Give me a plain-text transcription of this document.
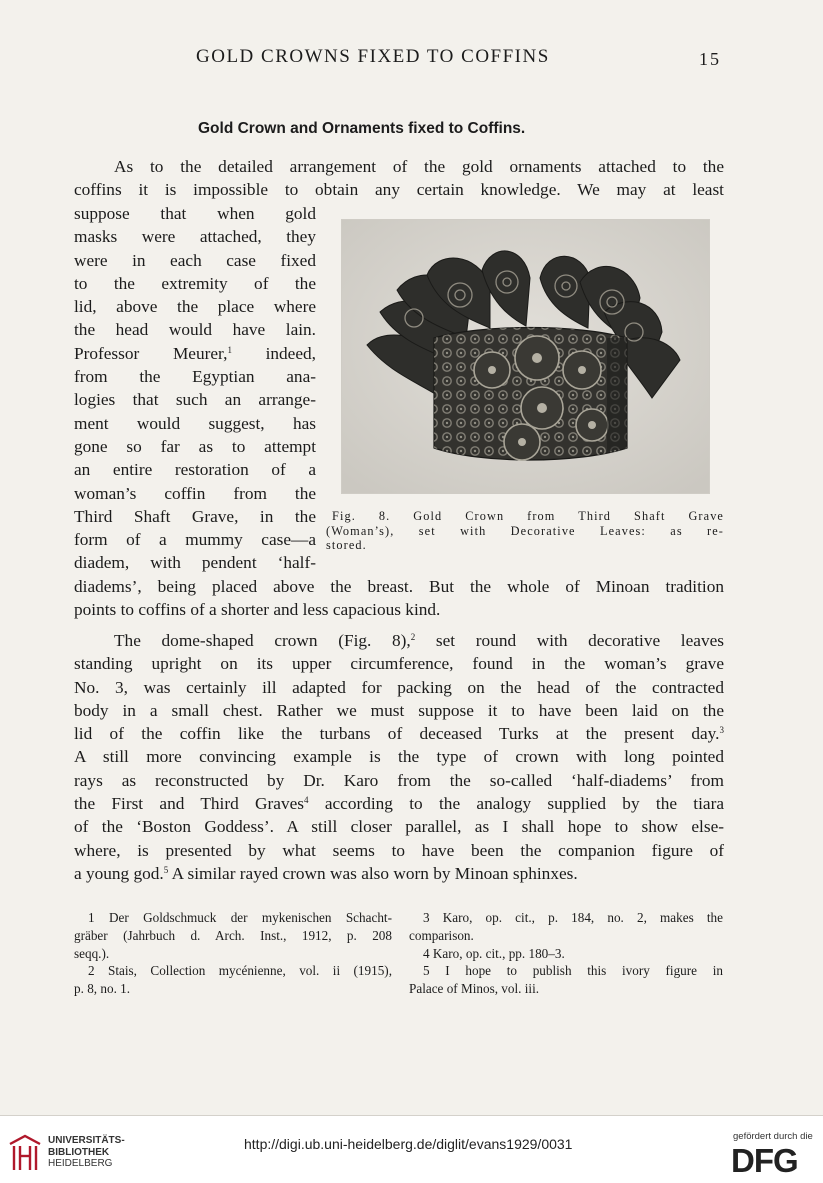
GOLD CROWNS FIXED TO COFFINS	15
Gold Crown and Ornaments fixed to Coffins.

As to the detailed arrangement of the gold ornaments attached to the
coffins it is impossible to obtain any certain knowledge. We may at least

suppose that when gold
masks were attached, they
were in each case fixed
to the extremity of the
lid, above the place where
the head would have lain.
Professor Meurer,$^1$ indeed,
from the Egyptian ana-
logies that such an arrange-
ment would suggest, has
gone so far as to attempt
an entire restoration of a
woman’s coffin from the
Third Shaft Grave, in the
form of a mummy case—a
diadem, with pendent ‘half-

diadems’, being placed above the breast. But the whole of Minoan tradition
points to coffins of a shorter and less capacious kind.

The dome-shaped crown (Fig. 8),$^2$ set round with decorative leaves
standing upright on its upper circumference, found in the woman’s grave
No. 3, was certainly ill adapted for packing on the head of the contracted
body in a small chest. Rather we must suppose it to have been laid on the
lid of the coffin like the turbans of deceased Turks at the present day.$^3$
A still more convincing example is the type of crown with long pointed
rays as reconstructed by Dr. Karo from the so-called ‘half-diadems’ from
the First and Third Graves$^4$ according to the analogy supplied by the tiara
of the ‘Boston Goddess’. A still closer parallel, as I shall hope to show else-
where, is presented by what seems to have been the companion figure of
a young god.$^5$ A similar rayed crown was also worn by Minoan sphinxes.

Fig. 8. Gold Crown from Third Shaft Grave
(Woman’s), set with Decorative Leaves: as re-
stored.
1 Der Goldschmuck der mykenischen Schacht-
gräber (Jahrbuch d. Arch. Inst., 1912, p. 208
seqq.).
2 Stais, Collection mycénienne, vol. ii (1915),
p. 8, no. 1.
3 Karo, op. cit., p. 184, no. 2, makes the
comparison.
4 Karo, op. cit., pp. 180–3.
5 I hope to publish this ivory figure in
Palace of Minos, vol. iii.
UNIVERSITÄTS-
BIBLIOTHEK
HEIDELBERG
http://digi.ub.uni-heidelberg.de/diglit/evans1929/0031	gefördert durch die
DFG
